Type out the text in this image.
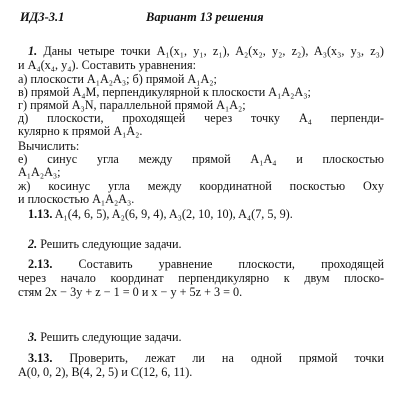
ИДЗ-3.1	Вариант 13 решения
1. Даны четыре точки A₁(x₁, y₁, z₁), A₂(x₂, y₂, z₂), A₃(x₃, y₃, z₃)
и A₄(x₄, y₄). Составить уравнения:
а) плоскости A₁A₂A₃; б) прямой A₁A₂;
в) прямой A₄M, перпендикулярной к плоскости A₁A₂A₃;
г) прямой A₃N, параллельной прямой A₁A₂;
д) плоскости, проходящей через точку A₄ перпенди-
кулярно к прямой A₁A₂.
Вычислить:
е) синус угла между прямой A₁A₄ и плоскостью
A₁A₂A₃;
ж) косинус угла между координатной поскостью Oxy
и плоскостью A₁A₂A₃.
1.13. A₁(4, 6, 5), A₂(6, 9, 4), A₃(2, 10, 10), A₄(7, 5, 9).
2. Решить следующие задачи.
2.13. Составить уравнение плоскости, проходящей
через начало координат перпендикулярно к двум плоско-
стям 2x − 3y + z − 1 = 0 и x − y + 5z + 3 = 0.
3. Решить следующие задачи.
3.13. Проверить, лежат ли на одной прямой точки
A(0, 0, 2), B(4, 2, 5) и C(12, 6, 11).
